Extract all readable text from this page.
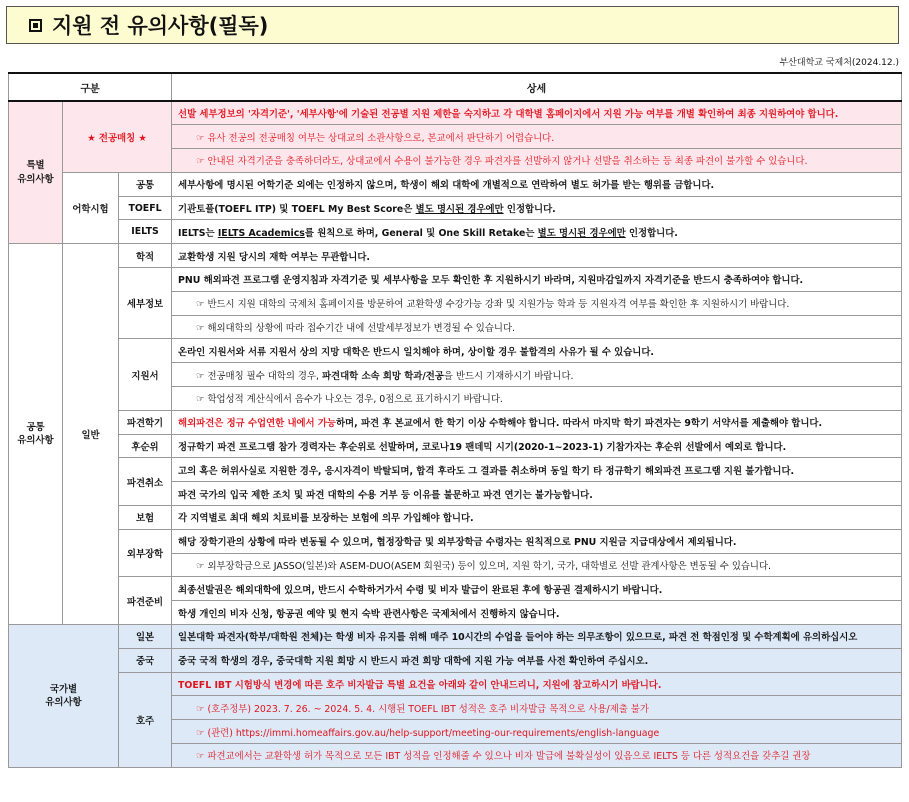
지원 전 유의사항(필독)
부산대학교 국제처(2024.12.)
구분			상세
특별
유의사항	★ 전공매칭 ★		선발 세부정보의 '자격기준', '세부사항'에 기술된 전공별 지원 제한을 숙지하고 각 대학별 홈페이지에서 지원 가능 여부를 개별 확인하여 최종 지원하여야 합니다.
			☞ 유사 전공의 전공매칭 여부는 상대교의 소관사항으로, 본교에서 판단하기 어렵습니다.
			☞ 안내된 자격기준을 충족하더라도, 상대교에서 수용이 불가능한 경우 파견자를 선발하지 않거나 선발을 취소하는 등 최종 파견이 불가할 수 있습니다.
	어학시험	공통	세부사항에 명시된 어학기준 외에는 인정하지 않으며, 학생이 해외 대학에 개별적으로 연락하여 별도 허가를 받는 행위를 금합니다.
		TOEFL	기관토플(TOEFL ITP) 및 TOEFL My Best Score은 별도 명시된 경우에만 인정합니다.
		IELTS	IELTS는 IELTS Academics를 원칙으로 하며, General 및 One Skill Retake는 별도 명시된 경우에만 인정합니다.
공통
유의사항	일반	학적	교환학생 지원 당시의 재학 여부는 무관합니다.
		세부정보	PNU 해외파견 프로그램 운영지침과 자격기준 및 세부사항을 모두 확인한 후 지원하시기 바라며, 지원마감일까지 자격기준을 반드시 충족하여야 합니다.
			☞ 반드시 지원 대학의 국제처 홈페이지를 방문하여 교환학생 수강가능 강좌 및 지원가능 학과 등 지원자격 여부를 확인한 후 지원하시기 바랍니다.
			☞ 해외대학의 상황에 따라 접수기간 내에 선발세부정보가 변경될 수 있습니다.
		지원서	온라인 지원서와 서류 지원서 상의 지망 대학은 반드시 일치해야 하며, 상이할 경우 불합격의 사유가 될 수 있습니다.
			☞ 전공매칭 필수 대학의 경우, 파견대학 소속 희망 학과/전공을 반드시 기재하시기 바랍니다.
			☞ 학업성적 계산식에서 음수가 나오는 경우, 0점으로 표기하시기 바랍니다.
		파견학기	해외파견은 정규 수업연한 내에서 가능하며, 파견 후 본교에서 한 학기 이상 수학해야 합니다. 따라서 마지막 학기 파견자는 9학기 서약서를 제출해야 합니다.
		후순위	정규학기 파견 프로그램 참가 경력자는 후순위로 선발하며, 코로나19 팬데믹 시기(2020-1~2023-1) 기참가자는 후순위 선발에서 예외로 합니다.
		파견취소	고의 혹은 허위사실로 지원한 경우, 응시자격이 박탈되며, 합격 후라도 그 결과를 취소하며 동일 학기 타 정규학기 해외파견 프로그램 지원 불가합니다.
			파견 국가의 입국 제한 조치 및 파견 대학의 수용 거부 등 이유를 불문하고 파견 연기는 불가능합니다.
		보험	각 지역별로 최대 해외 치료비를 보장하는 보험에 의무 가입해야 합니다.
		외부장학	해당 장학기관의 상황에 따라 변동될 수 있으며, 협정장학금 및 외부장학금 수령자는 원칙적으로 PNU 지원금 지급대상에서 제외됩니다.
			☞ 외부장학금으로 JASSO(일본)와 ASEM-DUO(ASEM 회원국) 등이 있으며, 지원 학기, 국가, 대학별로 선발 관계사항은 변동될 수 있습니다.
		파견준비	최종선발권은 해외대학에 있으며, 반드시 수학하거가서 수령 및 비자 발급이 완료된 후에 항공권 결제하시기 바랍니다.
			학생 개인의 비자 신청, 항공권 예약 및 현지 숙박 관련사항은 국제처에서 진행하지 않습니다.
국가별
유의사항		일본	일본대학 파견자(학부/대학원 전체)는 학생 비자 유지를 위해 매주 10시간의 수업을 들어야 하는 의무조항이 있으므로, 파견 전 학점인정 및 수학계획에 유의하십시오
		중국	중국 국적 학생의 경우, 중국대학 지원 희망 시 반드시 파견 희망 대학에 지원 가능 여부를 사전 확인하여 주십시오.
		호주	TOEFL IBT 시험방식 변경에 따른 호주 비자발급 특별 요건을 아래와 같이 안내드리니, 지원에 참고하시기 바랍니다.
			☞ (호주정부) 2023. 7. 26. ~ 2024. 5. 4. 시행된 TOEFL IBT 성적은 호주 비자발급 목적으로 사용/제출 불가
			☞ (관련) https://immi.homeaffairs.gov.au/help-support/meeting-our-requirements/english-language
			☞ 파견교에서는 교환학생 허가 목적으로 모든 IBT 성적을 인정해줄 수 있으나 비자 발급에 불확실성이 있음으로 IELTS 등 다른 성적요건을 갖추길 권장
